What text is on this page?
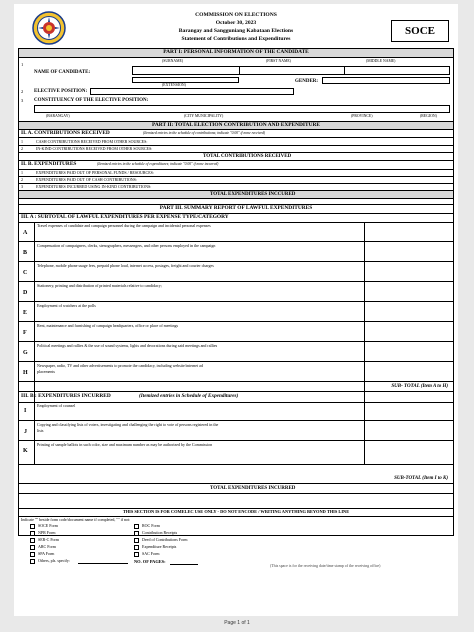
COMMISSION ON ELECTIONS
October 30, 2023
Barangay and Sangguniang Kabataan Elections
Statement of Contributions and Expenditures
SOCE
PART I: PERSONAL INFORMATION OF THE CANDIDATE
1
NAME OF CANDIDATE:
(SURNAME)	(FIRST NAME)	(MIDDLE NAME)
(EXTENSION)
GENDER:
2 ELECTIVE POSITION:
3 CONSTITUENCY OF THE ELECTIVE POSITION:
(BARANGAY)	(CITY MUNICIPALITY)	(PROVINCE)	(REGION)
PART II: TOTAL ELECTION CONTRIBUTION AND EXPENDITURE
II. A. CONTRIBUTIONS RECEIVED	(Itemized entries in the schedule of contributions; indicate "0.00" if none received)
1	CASH CONTRIBUTIONS RECEIVED FROM OTHER SOURCES:
2	IN-KIND CONTRIBUTIONS RECEIVED FROM OTHER SOURCES:
TOTAL CONTRIBUTIONS RECEIVED
II. B. EXPENDITURES	(Itemized entries in the schedule of expenditures; indicate "0.00" if none incurred)
1	EXPENDITURES PAID OUT OF PERSONAL FUNDS / RESOURCES:
2	EXPENDITURES PAID OUT OF CASH CONTRIBUTIONS:
3	EXPENDITURES INCURRED USING IN-KIND CONTRIBUTIONS:
TOTAL EXPENDITURES INCCURED
PART III. SUMMARY REPORT OF LAWFUL EXPENDITURES
III. A : SUBTOTAL OF LAWFUL EXPENDITURES PER EXPENSE TYPE/CATEGORY
A
Travel expenses of candidate and campaign personnel during the campaign and incidental personal expenses
B
Compensation of campaigners, clerks, stenographers, messengers, and other persons employed in the campaign
C
Telephone, mobile phone usage fees, prepaid phone load, internet access, postages, freight and courier charges
D
Stationery, printing and distribution of printed materials relative to candidacy;
E
Employment of watchers at the polls
F
Rent, maintenance and furnishing of campaign headquarters, office or place of meetings
G
Political meetings and rallies & the use of sound systems, lights and decorations during said meetings and rallies
H
Newspaper, radio, TV and other advertisements to promote the candidacy, including website/internet ad
placements
SUB- TOTAL (Item A to H)
III. B : EXPENDITURES INCURRED	(Itemized entries in Schedule of Expenditures)
I
Employment of counsel
J
Copying and classifying lists of voters, investigating and challenging the right to vote of persons registered in the
lists
K
Printing of sample ballots in such color, size and maximum number as may be authorized by the Commission
SUB-TOTAL (Item I to K)
TOTAL EXPENDITURES INCURRED
THIS SECTION IS FOR COMELEC USE ONLY - DO NOT ENCODE / WRITING ANYTHING BEYOND THIS LINE
Indicate "" beside form code/document name if completed, "" if not:
SOCE Form
NPR Form
SER-C Form
ARC Form
SPA Form
Others, pls. specify:
ROC Form
Contribution Receipts
Deed of Contributions Form
Expenditure Receipts
SAC Form
NO. OF PAGES:
(This space is for the receiving date/time stamp of the receiving office)
Page 1 of 1
